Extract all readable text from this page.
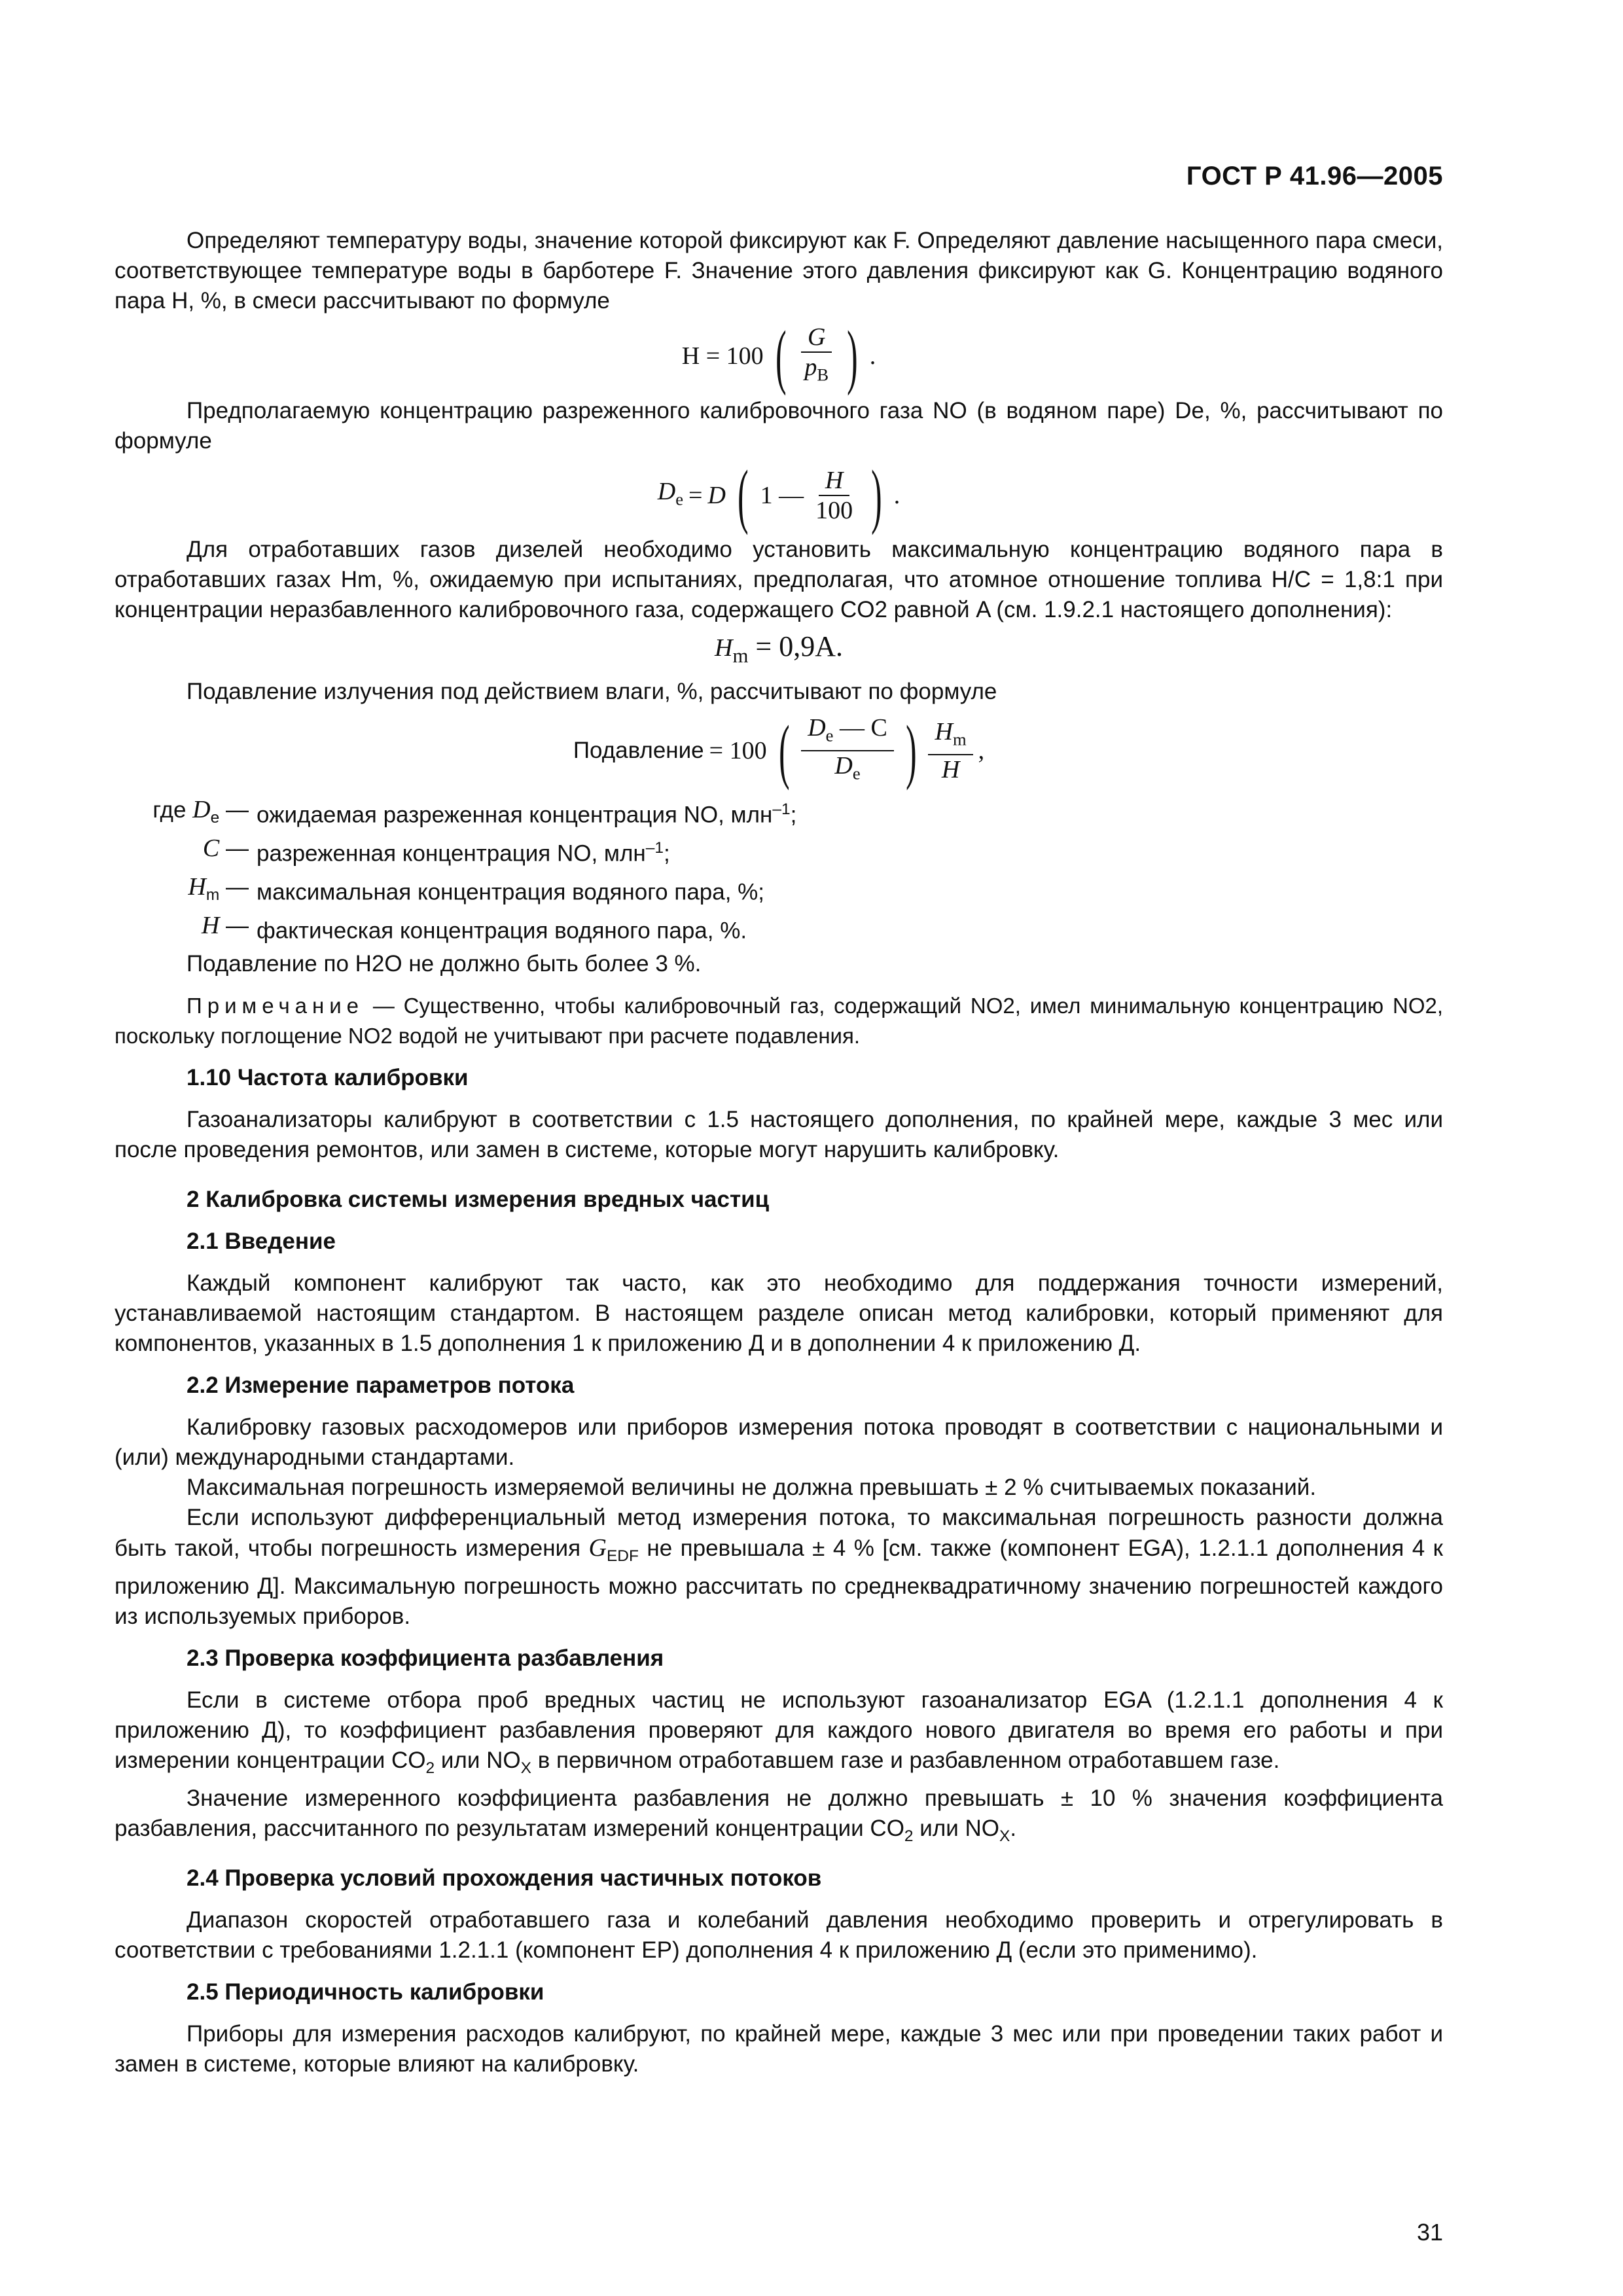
ГОСТ Р 41.96—2005

Определяют температуру воды, значение которой фиксируют как F. Определяют давление насыщенного пара смеси, соответствующее температуре воды в барботере F. Значение этого давления фиксируют как G. Концентрацию водяного пара H, %, в смеси рассчитывают по формуле

H = 100 ( $\frac{G}{p_B}$ ) .

Предполагаемую концентрацию разреженного калибровочного газа NO (в водяном паре) De, %, рассчитывают по формуле

$D_e = D$ ( 1 — $\frac{H}{100}$ ) .

Для отработавших газов дизелей необходимо установить максимальную концентрацию водяного пара в отработавших газах Hm, %, ожидаемую при испытаниях, предполагая, что атомное отношение топлива H/C = 1,8:1 при концентрации неразбавленного калибровочного газа, содержащего CO2 равной A (см. 1.9.2.1 настоящего дополнения):

$H_m = 0,9A$.

Подавление излучения под действием влаги, %, рассчитывают по формуле

Подавление = 100 ( $\frac{D_e — C}{D_e}$ ) $\frac{H_m}{H}$ ,
где $D_e$ — ожидаемая разреженная концентрация NO, млн$^{-1}$;
C — разреженная концентрация NO, млн$^{-1}$;
$H_m$ — максимальная концентрация водяного пара, %;
H — фактическая концентрация водяного пара, %.

Подавление по H2O не должно быть более 3 %.

Примечание — Существенно, чтобы калибровочный газ, содержащий NO2, имел минимальную концентрацию NO2, поскольку поглощение NO2 водой не учитывают при расчете подавления.

1.10 Частота калибровки

Газоанализаторы калибруют в соответствии с 1.5 настоящего дополнения, по крайней мере, каждые 3 мес или после проведения ремонтов, или замен в системе, которые могут нарушить калибровку.

2 Калибровка системы измерения вредных частиц

2.1 Введение

Каждый компонент калибруют так часто, как это необходимо для поддержания точности измерений, устанавливаемой настоящим стандартом. В настоящем разделе описан метод калибровки, который применяют для компонентов, указанных в 1.5 дополнения 1 к приложению Д и в дополнении 4 к приложению Д.

2.2 Измерение параметров потока

Калибровку газовых расходомеров или приборов измерения потока проводят в соответствии с национальными и (или) международными стандартами.

Максимальная погрешность измеряемой величины не должна превышать ± 2 % считываемых показаний.

Если используют дифференциальный метод измерения потока, то максимальная погрешность разности должна быть такой, чтобы погрешность измерения $G_{EDF}$ не превышала ± 4 % [см. также (компонент EGA), 1.2.1.1 дополнения 4 к приложению Д]. Максимальную погрешность можно рассчитать по среднеквадратичному значению погрешностей каждого из используемых приборов.

2.3 Проверка коэффициента разбавления

Если в системе отбора проб вредных частиц не используют газоанализатор EGA (1.2.1.1 дополнения 4 к приложению Д), то коэффициент разбавления проверяют для каждого нового двигателя во время его работы и при измерении концентрации $CO_2$ или $NO_X$ в первичном отработавшем газе и разбавленном отработавшем газе.

Значение измеренного коэффициента разбавления не должно превышать ± 10 % значения коэффициента разбавления, рассчитанного по результатам измерений концентрации $CO_2$ или $NO_X$.

2.4 Проверка условий прохождения частичных потоков

Диапазон скоростей отработавшего газа и колебаний давления необходимо проверить и отрегулировать в соответствии с требованиями 1.2.1.1 (компонент EP) дополнения 4 к приложению Д (если это применимо).

2.5 Периодичность калибровки

Приборы для измерения расходов калибруют, по крайней мере, каждые 3 мес или при проведении таких работ и замен в системе, которые влияют на калибровку.

31
